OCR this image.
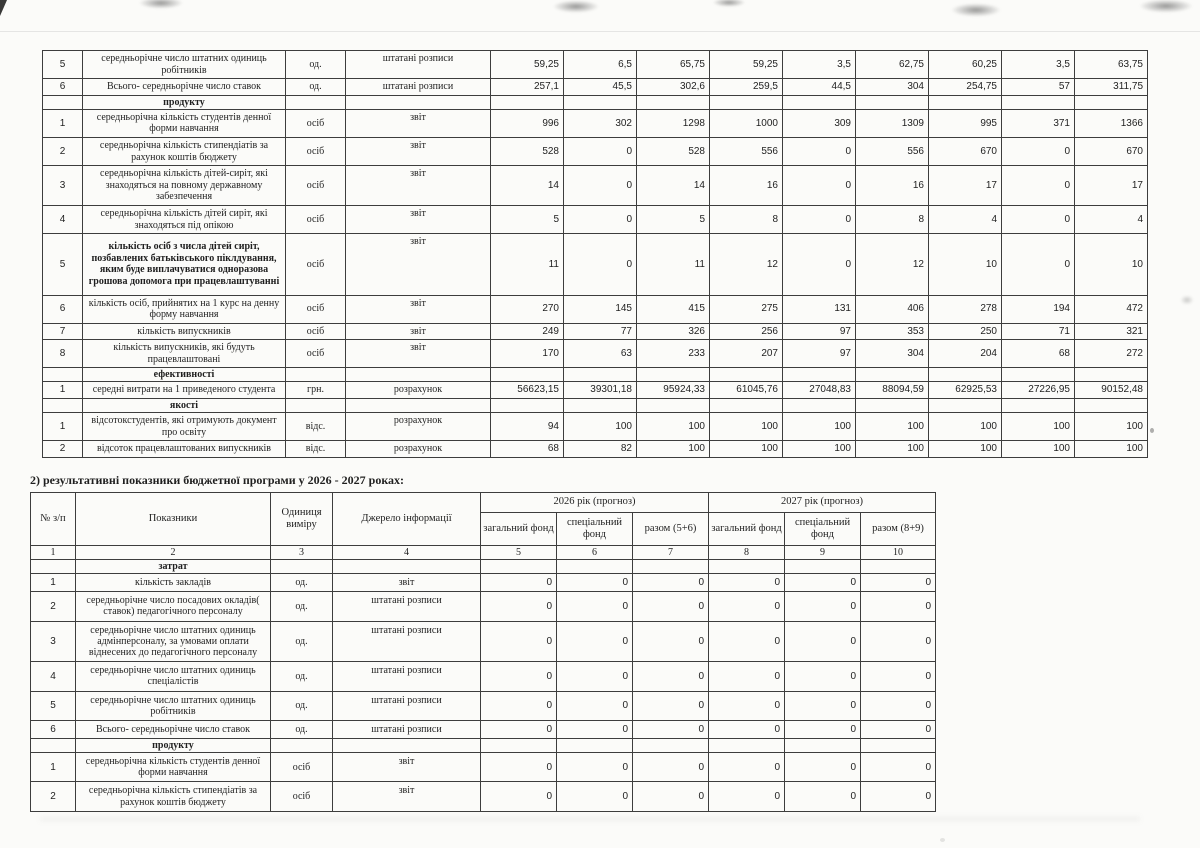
5	середньорічне число штатних одиниць робітників	од.	штатані розписи	59,25	6,5	65,75	59,25	3,5	62,75	60,25	3,5	63,75
6	Всього- середньорічне число ставок	од.	штатані розписи	257,1	45,5	302,6	259,5	44,5	304	254,75	57	311,75
	продукту											
1	середньорічна кількість студентів денної форми навчання	осіб	звіт	996	302	1298	1000	309	1309	995	371	1366
2	середньорічна кількість стипендіатів за рахунок коштів бюджету	осіб	звіт	528	0	528	556	0	556	670	0	670
3	середньорічна кількість дітей-сиріт, які знаходяться на повному державному забезпечення	осіб	звіт	14	0	14	16	0	16	17	0	17
4	середньорічна кількість дітей сиріт, які знаходяться під опікою	осіб	звіт	5	0	5	8	0	8	4	0	4
5	кількість осіб з числа дітей сиріт, позбавлених батьківського піклдування, яким буде виплачуватися одноразова грошова допомога при працевлаштуванні	осіб	звіт	11	0	11	12	0	12	10	0	10
6	кількість осіб, прийнятих на 1 курс на денну форму навчання	осіб	звіт	270	145	415	275	131	406	278	194	472
7	кількість випускників	осіб	звіт	249	77	326	256	97	353	250	71	321
8	кількість випускників, які будуть працевлаштовані	осіб	звіт	170	63	233	207	97	304	204	68	272
	ефективності											
1	середні витрати на 1 приведеного студента	грн.	розрахунок	56623,15	39301,18	95924,33	61045,76	27048,83	88094,59	62925,53	27226,95	90152,48
	якості											
1	відсотокстудентів, які отримують документ про освіту	відс.	розрахунок	94	100	100	100	100	100	100	100	100
2	відсоток працевлаштованих випускників	відс.	розрахунок	68	82	100	100	100	100	100	100	100
2) результативні показники бюджетної програми у 2026 - 2027 роках:
№ з/п	Показники	Одиниця виміру	Джерело інформації	2026 рік (прогноз)			2027 рік (прогноз)		
				загальний фонд	спеціальний фонд	разом (5+6)	загальний фонд	спеціальний фонд	разом (8+9)
1	2	3	4	5	6	7	8	9	10
	затрат								
1	кількість закладів	од.	звіт	0	0	0	0	0	0
2	середньорічне число посадових окладів( ставок) педагогічного персоналу	од.	штатані розписи	0	0	0	0	0	0
3	середньорічне число штатних одиниць адмінперсоналу, за умовами оплати віднесених до педагогічного персоналу	од.	штатані розписи	0	0	0	0	0	0
4	середньорічне число штатних одиниць спеціалістів	од.	штатані розписи	0	0	0	0	0	0
5	середньорічне число штатних одиниць робітників	од.	штатані розписи	0	0	0	0	0	0
6	Всього- середньорічне число ставок	од.	штатані розписи	0	0	0	0	0	0
	продукту								
1	середньорічна кількість студентів денної форми навчання	осіб	звіт	0	0	0	0	0	0
2	середньорічна кількість стипендіатів за рахунок коштів бюджету	осіб	звіт	0	0	0	0	0	0
